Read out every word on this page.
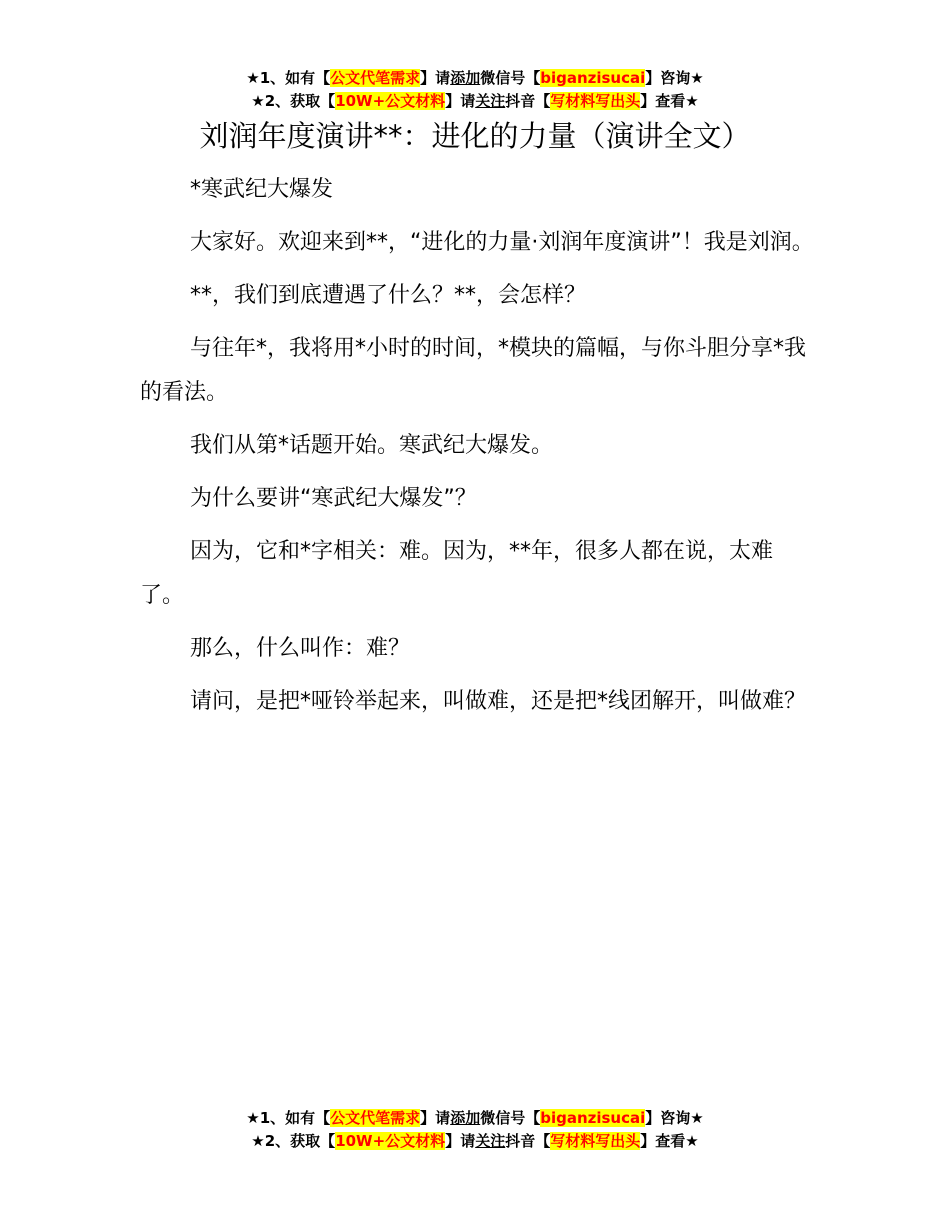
★1、如有【公文代笔需求】请添加微信号【biganzisucai】咨询★
★2、获取【10W+公文材料】请关注抖音【写材料写出头】查看★
刘润年度演讲**：进化的力量（演讲全文）

*寒武纪大爆发

大家好。欢迎来到**，“进化的力量·刘润年度演讲”！我是刘润。

**，我们到底遭遇了什么？**，会怎样？

与往年*，我将用*小时的时间，*模块的篇幅，与你斗胆分享*我的看法。

我们从第*话题开始。寒武纪大爆发。

为什么要讲“寒武纪大爆发”？

因为，它和*字相关：难。因为，**年，很多人都在说，太难了。

那么，什么叫作：难？

请问，是把*哑铃举起来，叫做难，还是把*线团解开，叫做难？

★1、如有【公文代笔需求】请添加微信号【biganzisucai】咨询★
★2、获取【10W+公文材料】请关注抖音【写材料写出头】查看★
